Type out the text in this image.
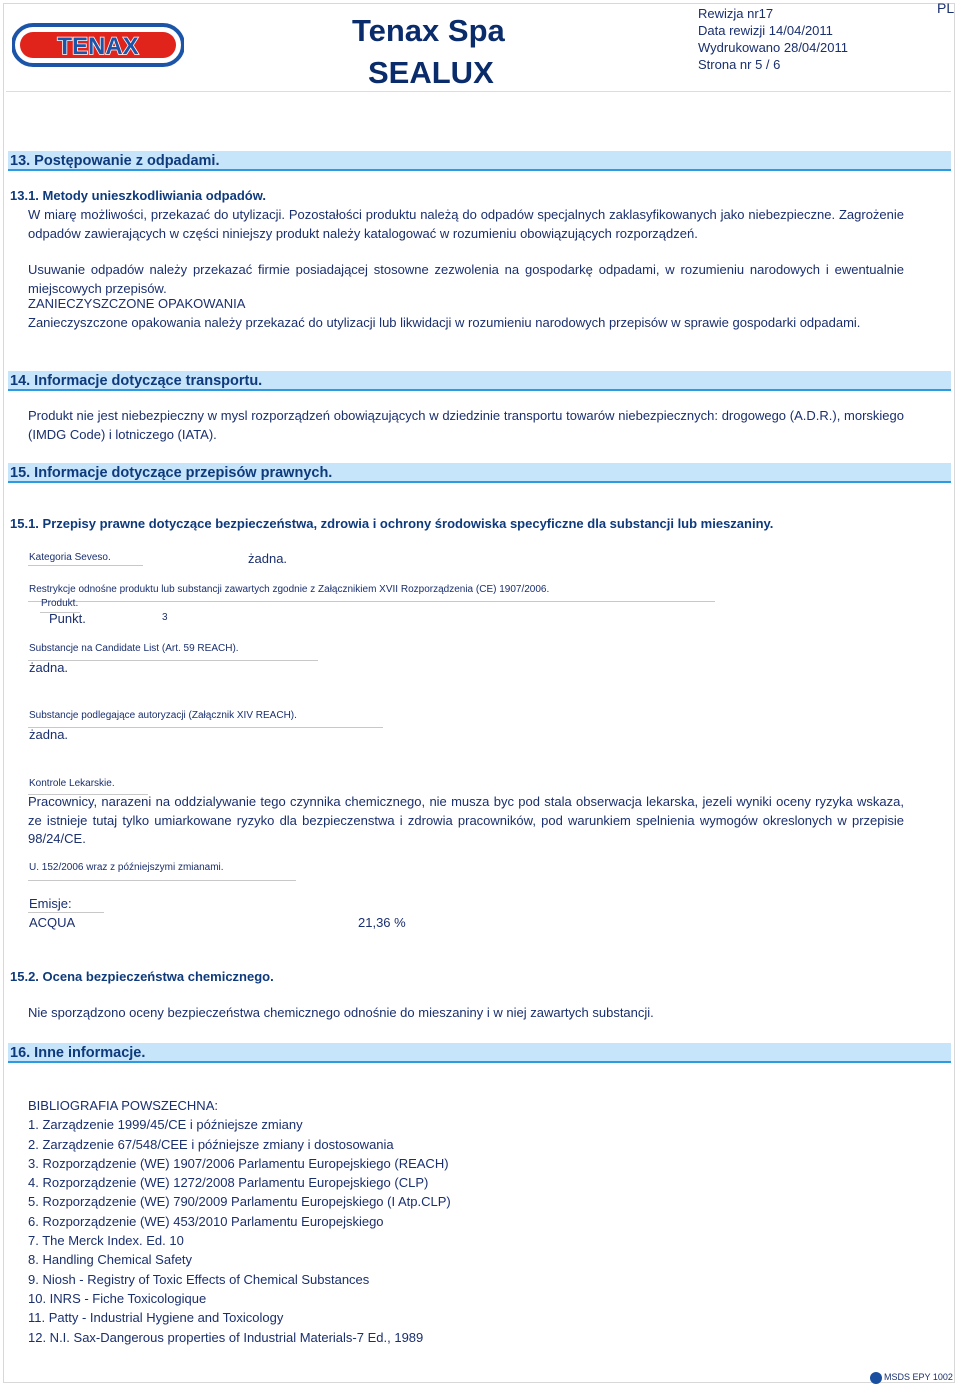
TENAX	Tenax Spa
SEALUX
Rewizja nr17
Data rewizji 14/04/2011
Wydrukowano 28/04/2011
Strona nr 5 / 6
PL
13. Postępowanie z odpadami.
13.1. Metody unieszkodliwiania odpadów.
W miarę możliwości, przekazać do utylizacji. Pozostałości produktu należą do odpadów specjalnych zaklasyfikowanych jako niebezpieczne. Zagrożenie odpadów zawierających w części niniejszy produkt należy katalogować w rozumieniu obowiązujących rozporządzeń.
Usuwanie odpadów należy przekazać firmie posiadającej stosowne zezwolenia na gospodarkę odpadami, w rozumieniu narodowych i ewentualnie miejscowych przepisów.
ZANIECZYSZCZONE OPAKOWANIA
Zanieczyszczone opakowania należy przekazać do utylizacji lub likwidacji w rozumieniu narodowych przepisów w sprawie gospodarki odpadami.
14. Informacje dotyczące transportu.
Produkt nie jest niebezpieczny w mysl rozporządzeń obowiązujących w dziedzinie transportu towarów niebezpiecznych: drogowego (A.D.R.), morskiego (IMDG Code) i lotniczego (IATA).
15. Informacje dotyczące przepisów prawnych.
15.1. Przepisy prawne dotyczące bezpieczeństwa, zdrowia i ochrony środowiska specyficzne dla substancji lub mieszaniny.
Kategoria Seveso.	żadna.
Restrykcje odnośne produktu lub substancji zawartych zgodnie z Załącznikiem XVII Rozporządzenia (CE) 1907/2006.
Produkt.
Punkt.	3
Substancje na Candidate List (Art. 59 REACH).
żadna.
Substancje podlegające autoryzacji (Załącznik XIV REACH).
żadna.
Kontrole Lekarskie.
Pracownicy, narazeni na oddzialywanie tego czynnika chemicznego, nie musza byc pod stala obserwacja lekarska, jezeli wyniki oceny ryzyka wskaza, ze istnieje tutaj tylko umiarkowane ryzyko dla bezpieczenstwa i zdrowia pracowników, pod warunkiem spelnienia wymogów okreslonych w przepisie 98/24/CE.
U. 152/2006 wraz z późniejszymi zmianami.
Emisje:
ACQUA	21,36 %
15.2. Ocena bezpieczeństwa chemicznego.
Nie sporządzono oceny bezpieczeństwa chemicznego odnośnie do mieszaniny i w niej zawartych substancji.
16. Inne informacje.
BIBLIOGRAFIA POWSZECHNA:
1. Zarządzenie 1999/45/CE i późniejsze zmiany
2. Zarządzenie 67/548/CEE i późniejsze zmiany i dostosowania
3. Rozporządzenie (WE) 1907/2006 Parlamentu Europejskiego (REACH)
4. Rozporządzenie (WE) 1272/2008 Parlamentu Europejskiego (CLP)
5. Rozporządzenie (WE) 790/2009 Parlamentu Europejskiego (I Atp.CLP)
6. Rozporządzenie (WE) 453/2010 Parlamentu Europejskiego
7. The Merck Index. Ed. 10
8. Handling Chemical Safety
9. Niosh - Registry of Toxic Effects of Chemical Substances
10. INRS - Fiche Toxicologique
11. Patty - Industrial Hygiene and Toxicology
12. N.I. Sax-Dangerous properties of Industrial Materials-7 Ed., 1989
MSDS EPY 1002
